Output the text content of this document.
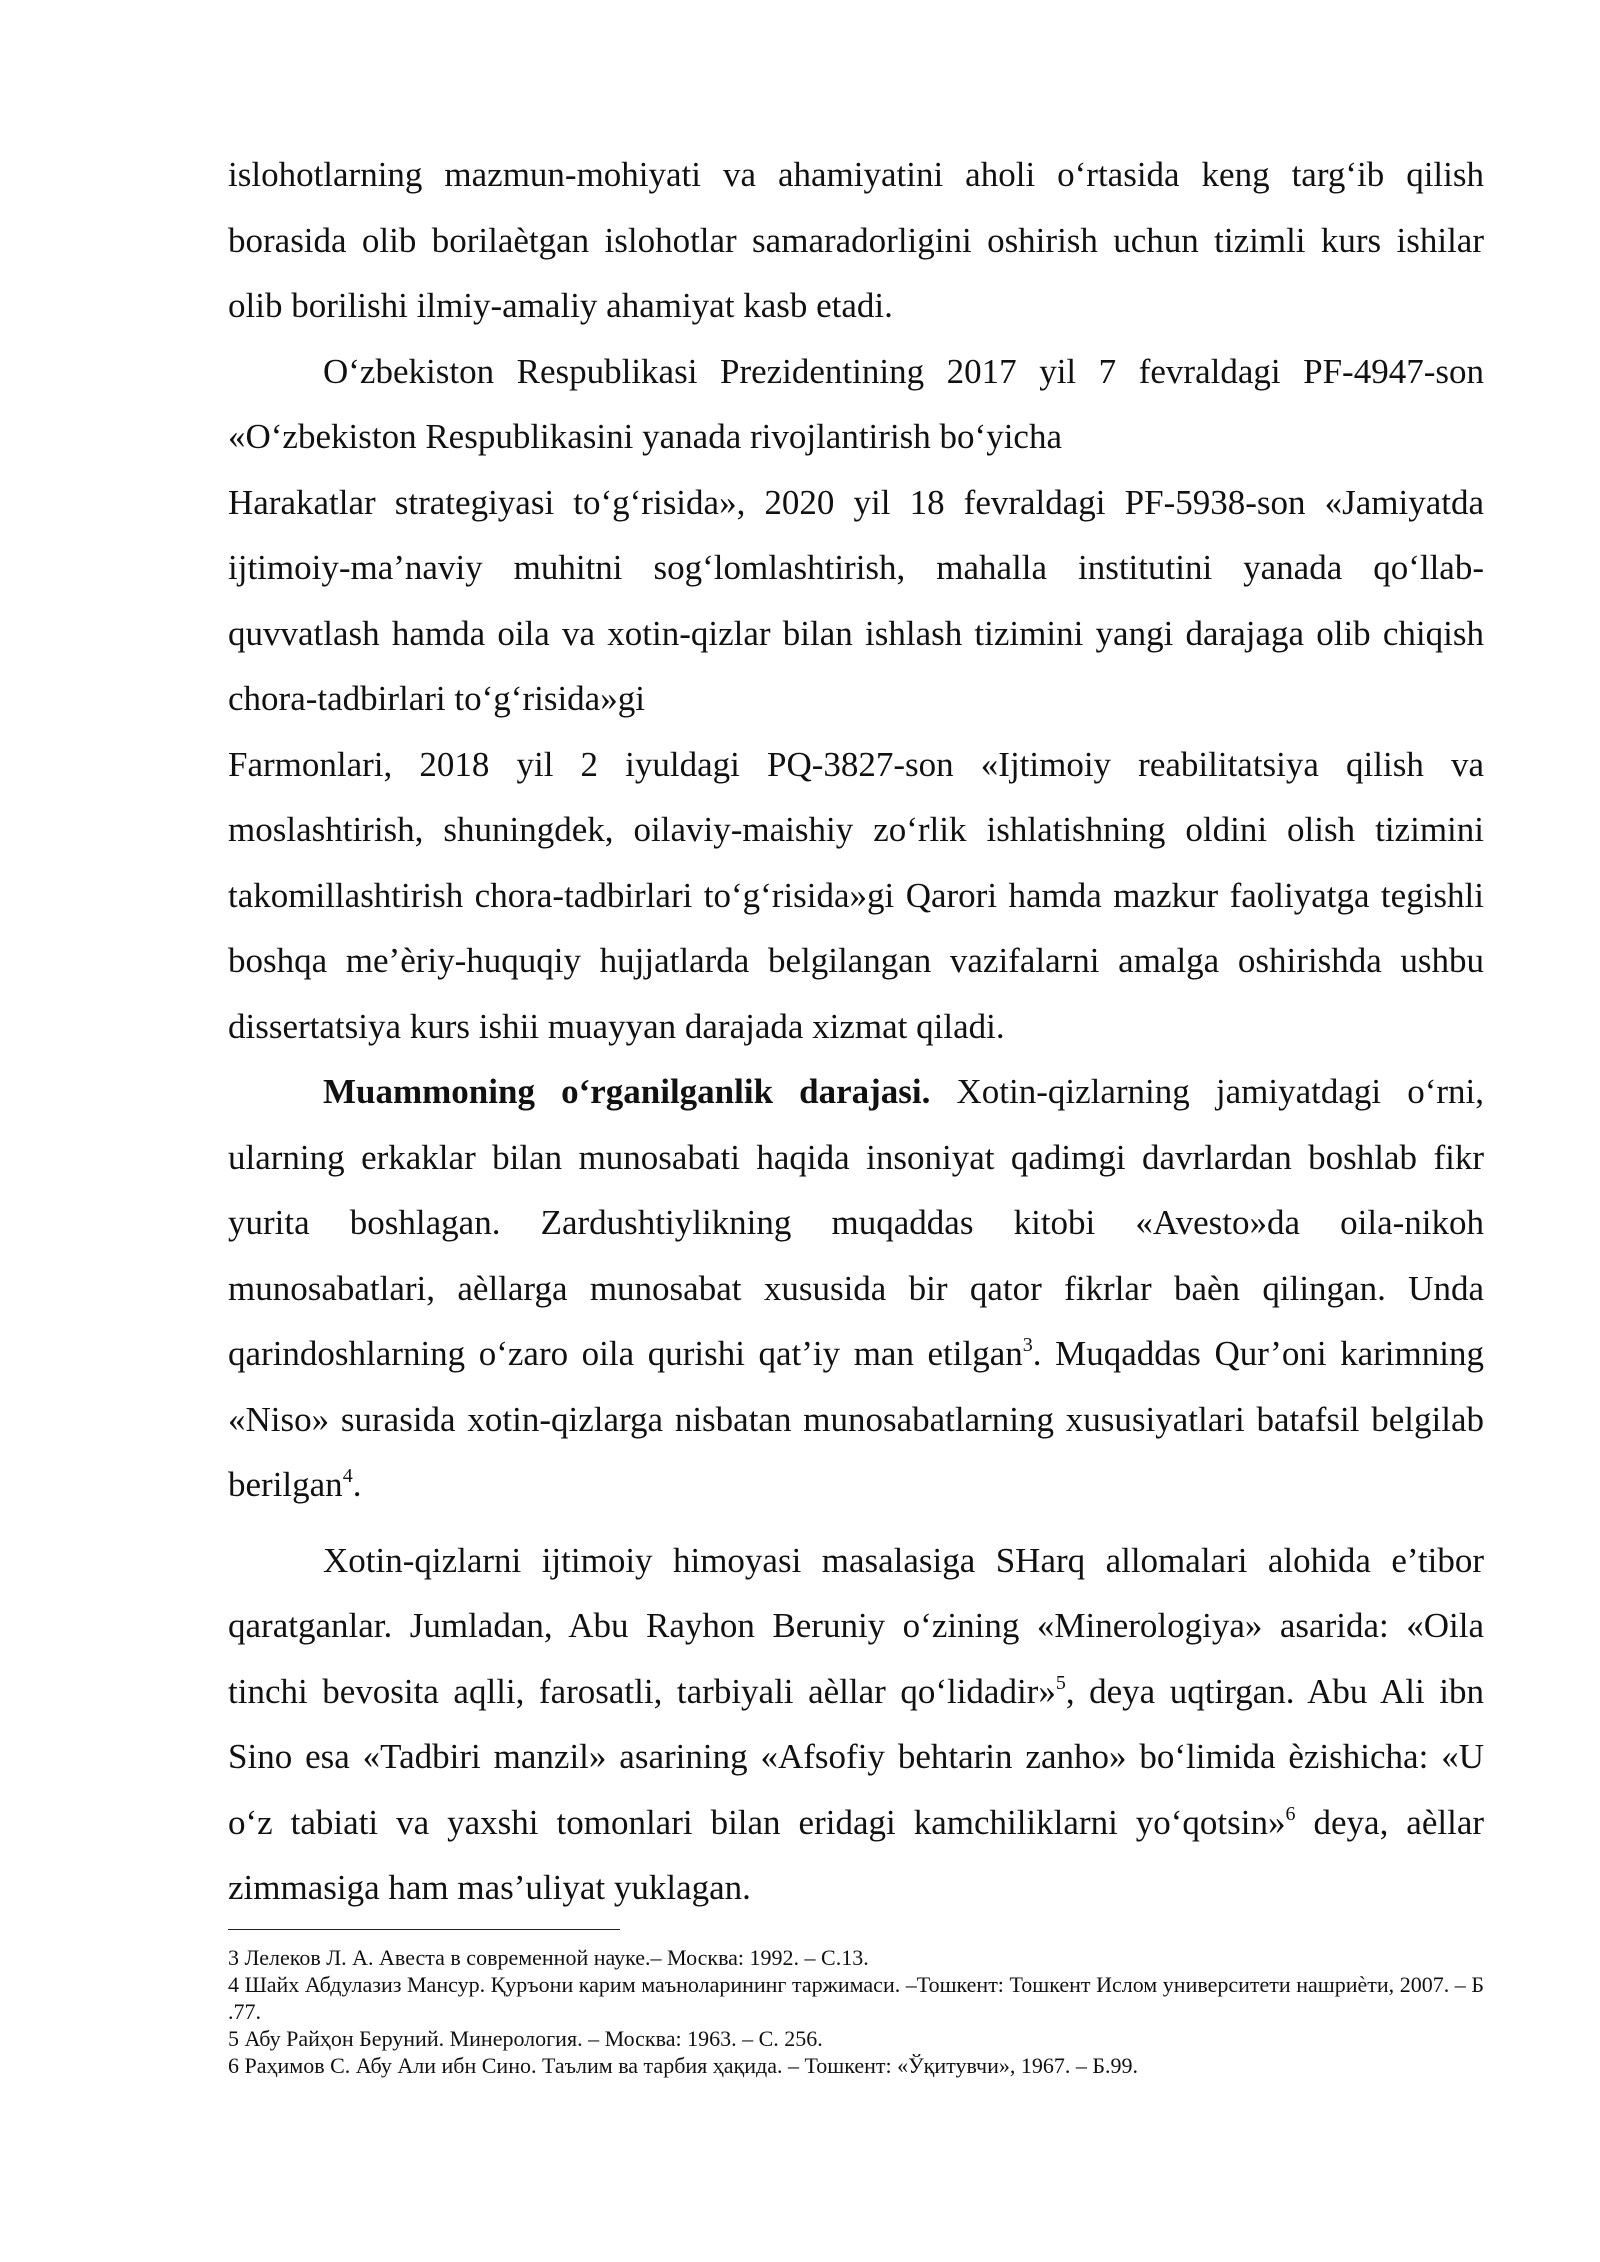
islohotlarning mazmun-mohiyati va ahamiyatini aholi o‘rtasida keng targ‘ib qilish borasida olib borilaètgan islohotlar samaradorligini oshirish uchun tizimli kurs ishilar olib borilishi ilmiy-amaliy ahamiyat kasb etadi.

O‘zbekiston Respublikasi Prezidentining 2017 yil 7 fevraldagi PF-4947-son «O‘zbekiston Respublikasini yanada rivojlantirish bo‘yicha

Harakatlar strategiyasi to‘g‘risida», 2020 yil 18 fevraldagi PF-5938-son «Jamiyatda ijtimoiy-ma’naviy muhitni sog‘lomlashtirish, mahalla institutini yanada qo‘llab-quvvatlash hamda oila va xotin-qizlar bilan ishlash tizimini yangi darajaga olib chiqish chora-tadbirlari to‘g‘risida»gi

Farmonlari, 2018 yil 2 iyuldagi PQ-3827-son «Ijtimoiy reabilitatsiya qilish va moslashtirish, shuningdek, oilaviy-maishiy zo‘rlik ishlatishning oldini olish tizimini takomillashtirish chora-tadbirlari to‘g‘risida»gi Qarori hamda mazkur faoliyatga tegishli boshqa me’èriy-huquqiy hujjatlarda belgilangan vazifalarni amalga oshirishda ushbu dissertatsiya kurs ishii muayyan darajada xizmat qiladi.

Muammoning o‘rganilganlik darajasi. Xotin-qizlarning jamiyatdagi o‘rni, ularning erkaklar bilan munosabati haqida insoniyat qadimgi davrlardan boshlab fikr yurita boshlagan. Zardushtiylikning muqaddas kitobi «Avesto»da oila-nikoh munosabatlari, aèllarga munosabat xususida bir qator fikrlar baèn qilingan. Unda qarindoshlarning o‘zaro oila qurishi qat’iy man etilgan$^3$. Muqaddas Qur’oni karimning «Niso» surasida xotin-qizlarga nisbatan munosabatlarning xususiyatlari batafsil belgilab berilgan$^4$.

Xotin-qizlarni ijtimoiy himoyasi masalasiga SHarq allomalari alohida e’tibor qaratganlar. Jumladan, Abu Rayhon Beruniy o‘zining «Minerologiya» asarida: «Oila tinchi bevosita aqlli, farosatli, tarbiyali aèllar qo‘lidadir»$^5$, deya uqtirgan. Abu Ali ibn Sino esa «Tadbiri manzil» asarining «Afsofiy behtarin zanho» bo‘limida èzishicha: «U o‘z tabiati va yaxshi tomonlari bilan eridagi kamchiliklarni yo‘qotsin»$^6$ deya, aèllar zimmasiga ham mas’uliyat yuklagan.

3 Лелеков Л. А. Авеста в современной науке.– Москва: 1992. – С.13.

4 Шайх Абдулазиз Мансур. Қуръони карим маъноларининг таржимаси. –Тошкент: Тошкент Ислом университети нашриѐти, 2007. – Б .77.

5 Абу Райҳон Беруний. Минерология. – Москва: 1963. – С. 256.

6 Раҳимов С. Абу Али ибн Сино. Таълим ва тарбия ҳақида. – Тошкент: «Ўқитувчи», 1967. – Б.99.
